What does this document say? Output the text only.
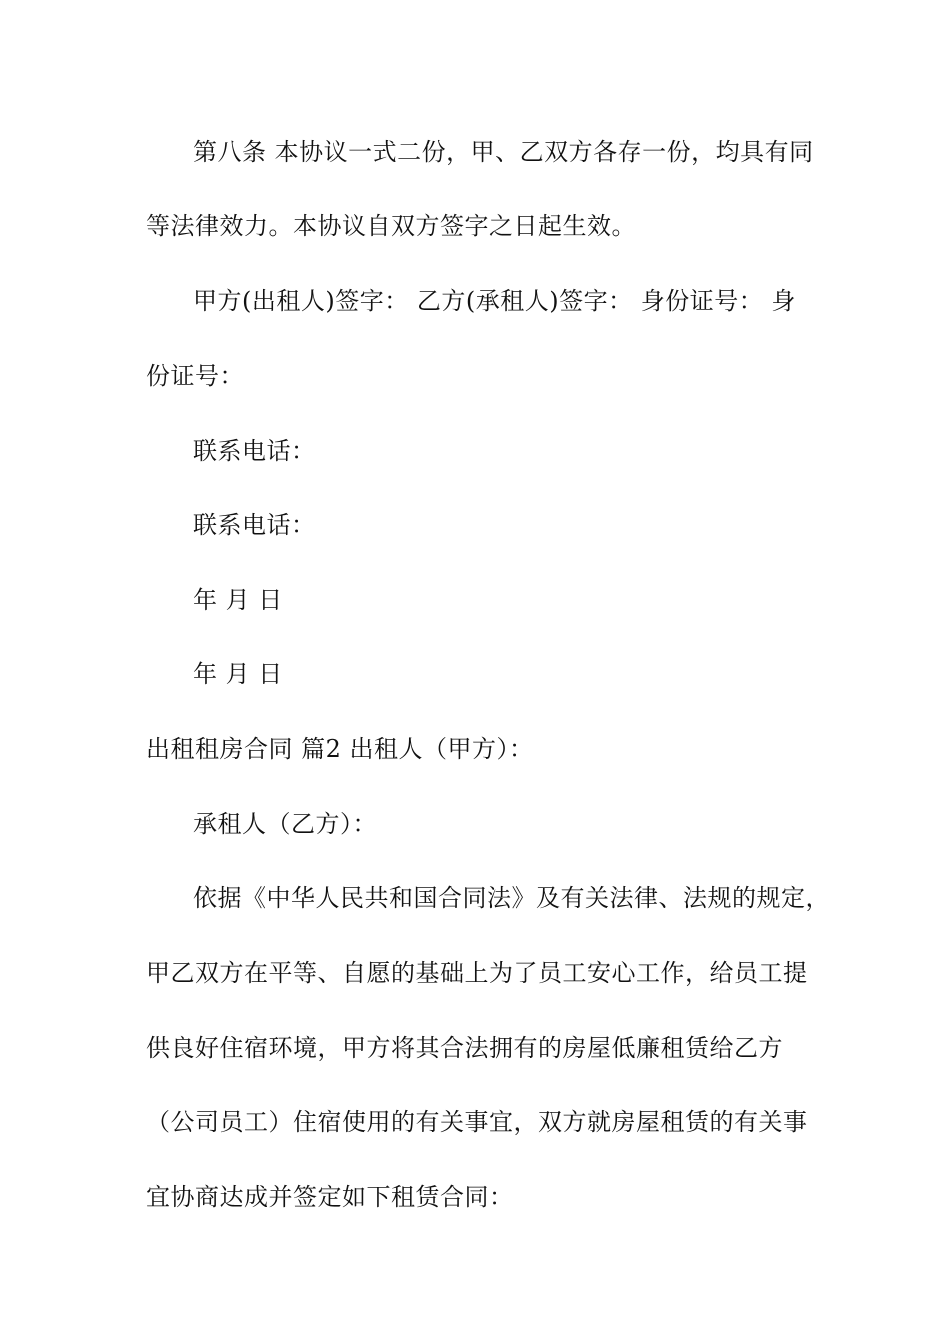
第八条 本协议一式二份，甲、乙双方各存一份，均具有同
等法律效力。本协议自双方签字之日起生效。
甲方(出租人)签字： 乙方(承租人)签字： 身份证号： 身
份证号：
联系电话：
联系电话：
年 月 日
年 月 日
出租租房合同 篇2 出租人（甲方）：
承租人（乙方）：
依据《中华人民共和国合同法》及有关法律、法规的规定，
甲乙双方在平等、自愿的基础上为了员工安心工作，给员工提
供良好住宿环境，甲方将其合法拥有的房屋低廉租赁给乙方
（公司员工）住宿使用的有关事宜，双方就房屋租赁的有关事
宜协商达成并签定如下租赁合同：
